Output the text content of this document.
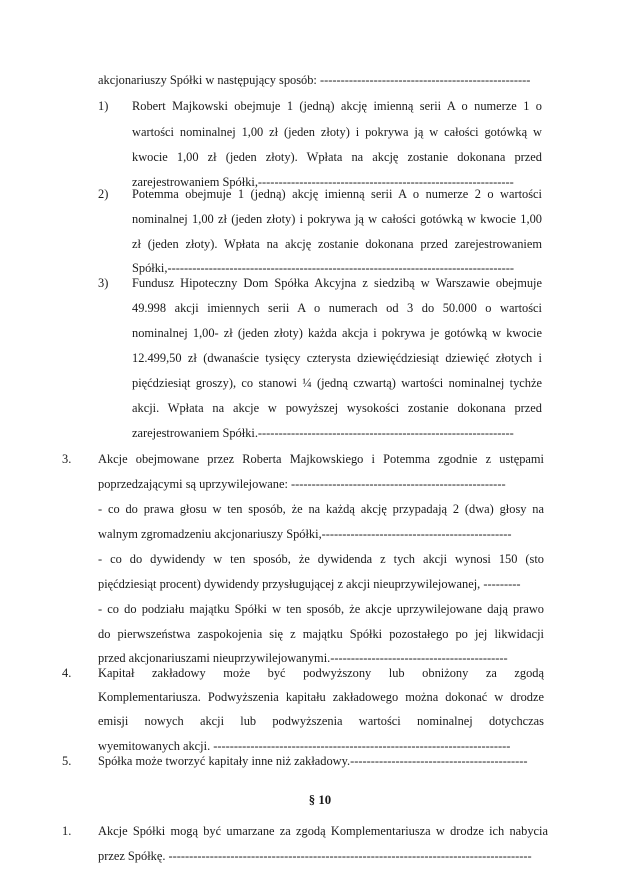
akcjonariuszy Spółki w następujący sposób: ---------------------------------------------------
1) Robert Majkowski obejmuje 1 (jedną) akcję imienną serii A o numerze 1 o
wartości nominalnej 1,00 zł (jeden złoty) i pokrywa ją w całości gotówką w
kwocie 1,00 zł (jeden złoty). Wpłata na akcję zostanie dokonana przed
zarejestrowaniem Spółki,--------------------------------------------------------------
2) Potemma obejmuje 1 (jedną) akcję imienną serii A o numerze 2 o wartości
nominalnej 1,00 zł (jeden złoty) i pokrywa ją w całości gotówką w kwocie 1,00
zł (jeden złoty). Wpłata na akcję zostanie dokonana przed zarejestrowaniem
Spółki,------------------------------------------------------------------------------------
3) Fundusz Hipoteczny Dom Spółka Akcyjna z siedzibą w Warszawie obejmuje
49.998 akcji imiennych serii A o numerach od 3 do 50.000 o wartości
nominalnej 1,00- zł (jeden złoty) każda akcja i pokrywa je gotówką w kwocie
12.499,50 zł (dwanaście tysięcy czterysta dziewięćdziesiąt dziewięć złotych i
pięćdziesiąt groszy), co stanowi ¼ (jedną czwartą) wartości nominalnej tychże
akcji. Wpłata na akcje w powyższej wysokości zostanie dokonana przed
zarejestrowaniem Spółki.--------------------------------------------------------------
3. Akcje obejmowane przez Roberta Majkowskiego i Potemma zgodnie z ustępami
poprzedzającymi są uprzywilejowane: ----------------------------------------------------
- co do prawa głosu w ten sposób, że na każdą akcję przypadają 2 (dwa) głosy na
walnym zgromadzeniu akcjonariuszy Spółki,----------------------------------------------
- co do dywidendy w ten sposób, że dywidenda z tych akcji wynosi 150 (sto
pięćdziesiąt procent) dywidendy przysługującej z akcji nieuprzywilejowanej, ---------
- co do podziału majątku Spółki w ten sposób, że akcje uprzywilejowane dają prawo
do pierwszeństwa zaspokojenia się z majątku Spółki pozostałego po jej likwidacji
przed akcjonariuszami nieuprzywilejowanymi.-------------------------------------------
4. Kapitał zakładowy może być podwyższony lub obniżony za zgodą
Komplementariusza. Podwyższenia kapitału zakładowego można dokonać w drodze
emisji nowych akcji lub podwyższenia wartości nominalnej dotychczas
wyemitowanych akcji. ------------------------------------------------------------------------
5. Spółka może tworzyć kapitały inne niż zakładowy.-------------------------------------------
§ 10
1. Akcje Spółki mogą być umarzane za zgodą Komplementariusza w drodze ich nabycia
przez Spółkę. ----------------------------------------------------------------------------------------
